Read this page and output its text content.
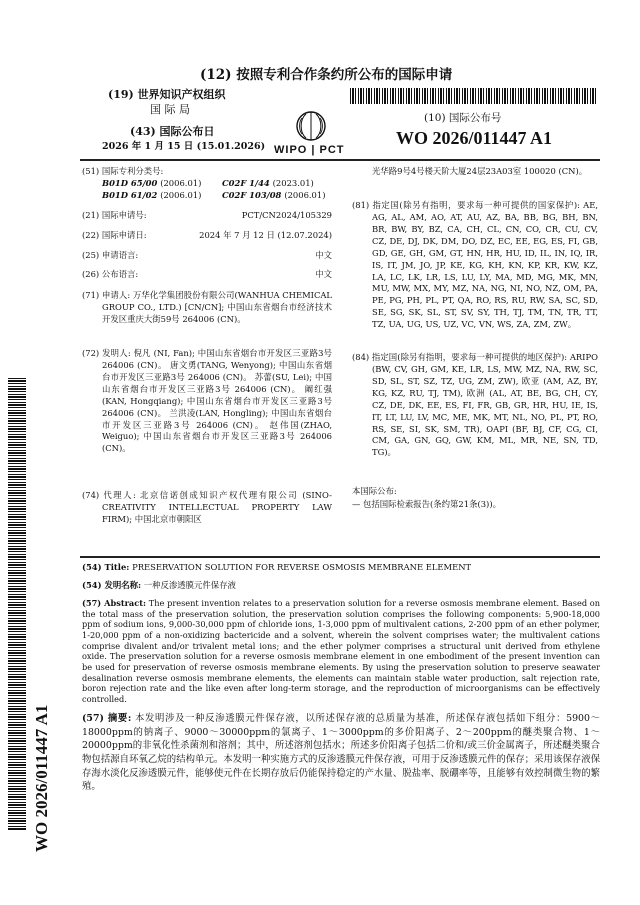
(12) 按照专利合作条约所公布的国际申请
(19) 世界知识产权组织
国 际 局
WIPO | PCT
(43) 国际公布日
2026 年 1 月 15 日 (15.01.2026)
(10) 国际公布号
WO 2026/011447 A1
(51) 国际专利分类号:
B01D 65/00 (2006.01) C02F 1/44 (2023.01)
B01D 61/02 (2006.01) C02F 103/08 (2006.01)
(21) 国际申请号:	PCT/CN2024/105329
(22) 国际申请日:	2024 年 7 月 12 日 (12.07.2024)
(25) 申请语言:	中文
(26) 公布语言:	中文
(71) 申请人: 万华化学集团股份有限公司(WANHUA CHEMICAL GROUP CO., LTD.) [CN/CN]; 中国山东省烟台市经济技术开发区重庆大街59号 264006 (CN)。
(72) 发明人: 倪凡 (NI, Fan); 中国山东省烟台市开发区三亚路3号 264006 (CN)。 唐文勇(TANG, Wenyong); 中国山东省烟台市开发区三亚路3号 264006 (CN)。 苏蕾(SU, Lei); 中国山东省烟台市开发区三亚路3号 264006 (CN)。 阚红强(KAN, Hongqiang); 中国山东省烟台市开发区三亚路3号 264006 (CN)。 兰洪凌(LAN, Hongling); 中国山东省烟台市开发区三亚路3号 264006 (CN)。 赵伟国(ZHAO, Weiguo); 中国山东省烟台市开发区三亚路3号 264006 (CN)。
(74) 代理人: 北京信诺创成知识产权代理有限公司 (SINO-CREATIVITY INTELLECTUAL PROPERTY LAW FIRM); 中国北京市朝阳区
光华路9号4号楼天阶大厦24层23A03室 100020 (CN)。
(81) 指定国(除另有指明，要求每一种可提供的国家保护): AE, AG, AL, AM, AO, AT, AU, AZ, BA, BB, BG, BH, BN, BR, BW, BY, BZ, CA, CH, CL, CN, CO, CR, CU, CV, CZ, DE, DJ, DK, DM, DO, DZ, EC, EE, EG, ES, FI, GB, GD, GE, GH, GM, GT, HN, HR, HU, ID, IL, IN, IQ, IR, IS, IT, JM, JO, JP, KE, KG, KH, KN, KP, KR, KW, KZ, LA, LC, LK, LR, LS, LU, LY, MA, MD, MG, MK, MN, MU, MW, MX, MY, MZ, NA, NG, NI, NO, NZ, OM, PA, PE, PG, PH, PL, PT, QA, RO, RS, RU, RW, SA, SC, SD, SE, SG, SK, SL, ST, SV, SY, TH, TJ, TM, TN, TR, TT, TZ, UA, UG, US, UZ, VC, VN, WS, ZA, ZM, ZW。
(84) 指定国(除另有指明，要求每一种可提供的地区保护): ARIPO (BW, CV, GH, GM, KE, LR, LS, MW, MZ, NA, RW, SC, SD, SL, ST, SZ, TZ, UG, ZM, ZW), 欧亚 (AM, AZ, BY, KG, KZ, RU, TJ, TM), 欧洲 (AL, AT, BE, BG, CH, CY, CZ, DE, DK, EE, ES, FI, FR, GB, GR, HR, HU, IE, IS, IT, LT, LU, LV, MC, ME, MK, MT, NL, NO, PL, PT, RO, RS, SE, SI, SK, SM, TR), OAPI (BF, BJ, CF, CG, CI, CM, GA, GN, GQ, GW, KM, ML, MR, NE, SN, TD, TG)。
本国际公布:
— 包括国际检索报告(条约第21条(3))。
WO 2026/011447 A1
(54) Title: PRESERVATION SOLUTION FOR REVERSE OSMOSIS MEMBRANE ELEMENT
(54) 发明名称: 一种反渗透膜元件保存液
(57) Abstract: The present invention relates to a preservation solution for a reverse osmosis membrane element. Based on the total mass of the preservation solution, the preservation solution comprises the following components: 5,900-18,000 ppm of sodium ions, 9,000-30,000 ppm of chloride ions, 1-3,000 ppm of multivalent cations, 2-200 ppm of an ether polymer, 1-20,000 ppm of a non-oxidizing bactericide and a solvent, wherein the solvent comprises water; the multivalent cations comprise divalent and/or trivalent metal ions; and the ether polymer comprises a structural unit derived from ethylene oxide. The preservation solution for a reverse osmosis membrane element in one embodiment of the present invention can be used for preservation of reverse osmosis membrane elements. By using the preservation solution to preserve seawater desalination reverse osmosis membrane elements, the elements can maintain stable water production, salt rejection rate, boron rejection rate and the like even after long-term storage, and the reproduction of microorganisms can be effectively controlled.
(57) 摘要: 本发明涉及一种反渗透膜元件保存液，以所述保存液的总质量为基准，所述保存液包括如下组分：5900～18000ppm的钠离子、9000～30000ppm的氯离子、1～3000ppm的多价阳离子、2～200ppm的醚类聚合物、1～20000ppm的非氧化性杀菌剂和溶剂；其中，所述溶剂包括水；所述多价阳离子包括二价和/或三价金属离子，所述醚类聚合物包括源自环氧乙烷的结构单元。本发明一种实施方式的反渗透膜元件保存液，可用于反渗透膜元件的保存；采用该保存液保存海水淡化反渗透膜元件，能够使元件在长期存放后仍能保持稳定的产水量、脱盐率、脱硼率等，且能够有效控制微生物的繁殖。
